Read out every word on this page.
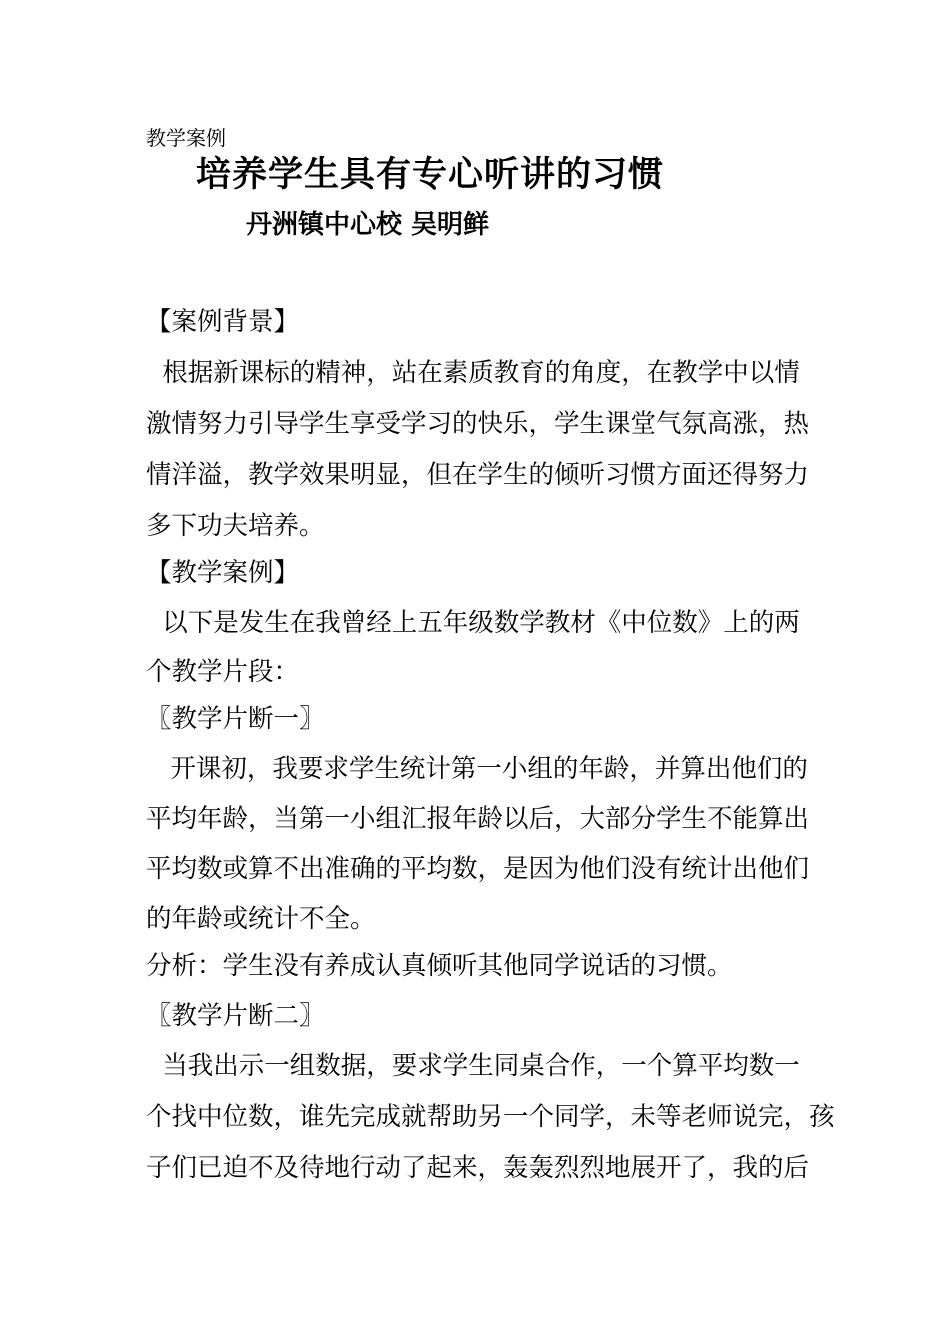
教学案例
培养学生具有专心听讲的习惯
丹洲镇中心校 吴明鲜
【案例背景】
根据新课标的精神，站在素质教育的角度，在教学中以情
激情努力引导学生享受学习的快乐，学生课堂气氛高涨，热
情洋溢，教学效果明显，但在学生的倾听习惯方面还得努力
多下功夫培养。
【教学案例】
以下是发生在我曾经上五年级数学教材《中位数》上的两
个教学片段：
〖教学片断一〗
开课初，我要求学生统计第一小组的年龄，并算出他们的
平均年龄，当第一小组汇报年龄以后，大部分学生不能算出
平均数或算不出准确的平均数，是因为他们没有统计出他们
的年龄或统计不全。
分析：学生没有养成认真倾听其他同学说话的习惯。
〖教学片断二〗
当我出示一组数据，要求学生同桌合作，一个算平均数一
个找中位数，谁先完成就帮助另一个同学，未等老师说完，孩
子们已迫不及待地行动了起来，轰轰烈烈地展开了，我的后
